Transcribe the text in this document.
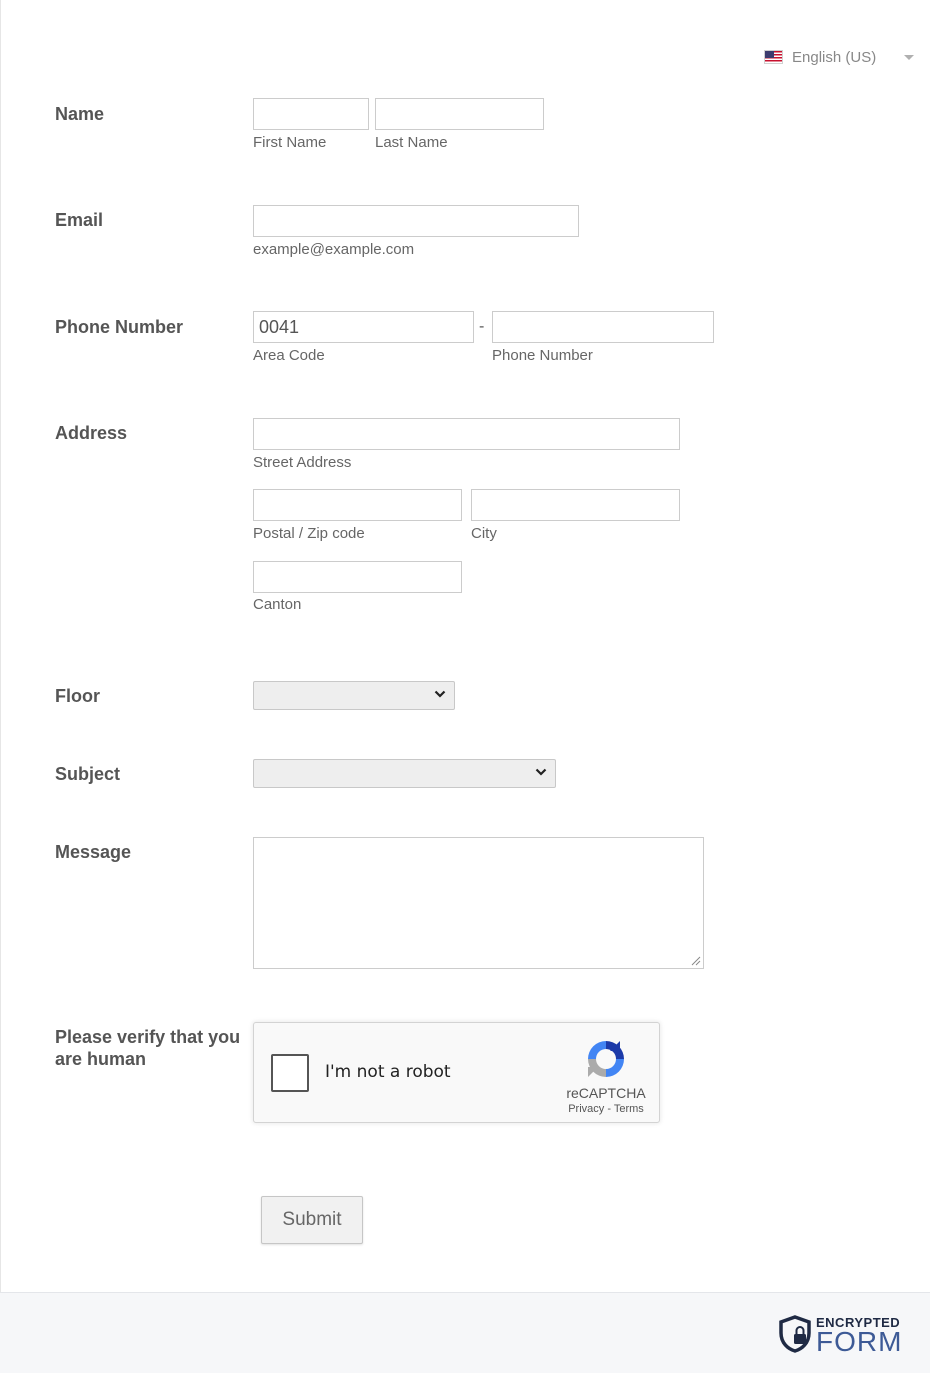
English (US)
Name
First Name	Last Name
Email
example@example.com
Phone Number
0041	-
Area Code	Phone Number
Address
Street Address
Postal / Zip code	City
Canton
Floor
Subject
Message
Please verify that you are human
I'm not a robot
reCAPTCHA
Privacy - Terms
Submit
ENCRYPTED
FORM
